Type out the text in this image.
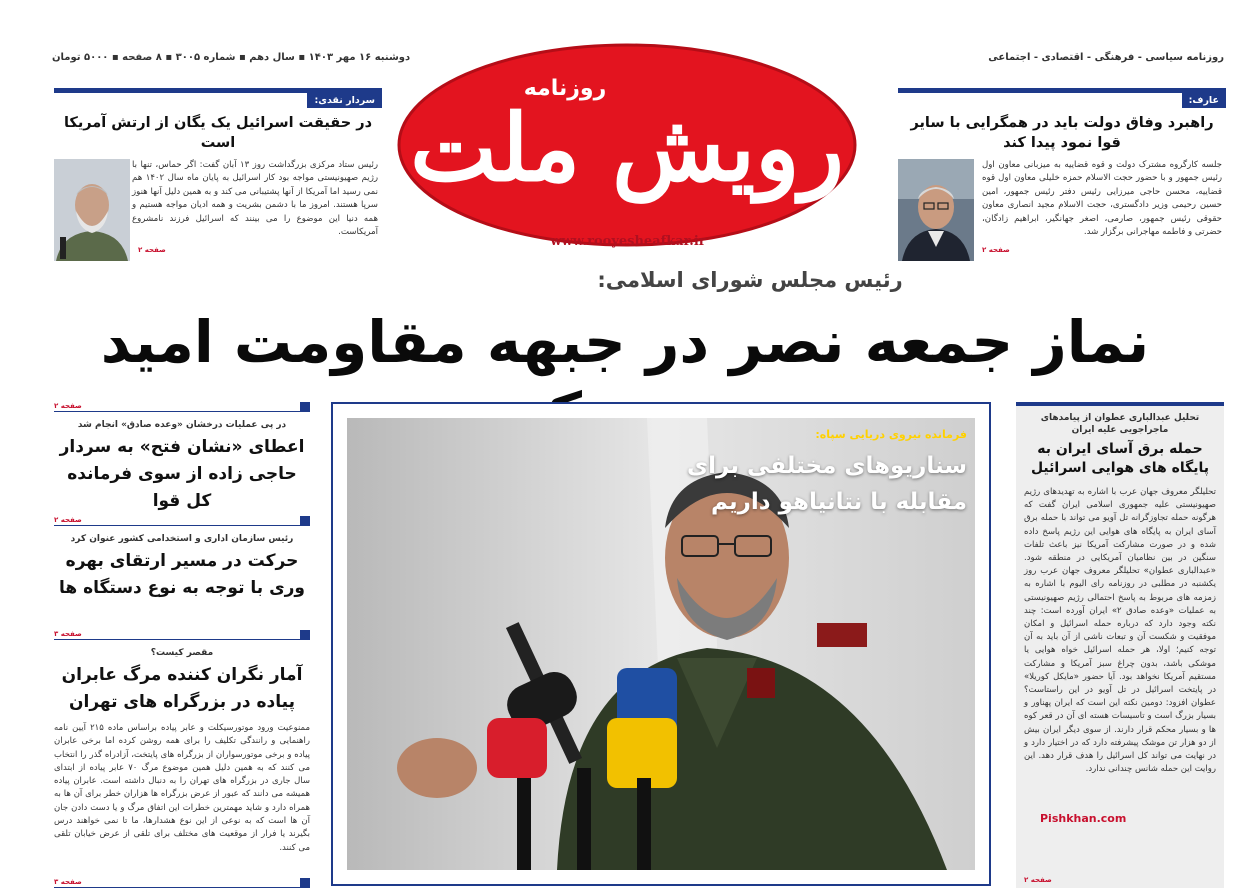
روزنامه سیاسی - فرهنگی - اقتصادی - اجتماعی
دوشنبه ۱۶ مهر ۱۴۰۳ ▪ سال دهم ▪ شماره ۳۰۰۵ ▪ ۸ صفحه ▪ ۵۰۰۰ تومان
رویش ملت
روزنامه
www.rooyesheafkar.ir
عارف:
راهبرد وفاق دولت باید در همگرایی با سایر قوا نمود پیدا کند
جلسه کارگروه مشترک دولت و قوه قضاییه به میزبانی معاون اول رئیس جمهور و با حضور حجت الاسلام حمزه خلیلی معاون اول قوه قضاییه، محسن حاجی میرزایی رئیس دفتر رئیس جمهور، امین حسین رحیمی وزیر دادگستری، حجت الاسلام مجید انصاری معاون حقوقی رئیس جمهور، صارمی، اصغر جهانگیر، ابراهیم زادگان، حضرتی و فاطمه مهاجرانی برگزار شد.
صفحه ۲
سردار نقدی:
در حقیقت اسرائیل یک یگان از ارتش آمریکا است
رئیس ستاد مرکزی بزرگداشت روز ۱۳ آبان گفت: اگر حماس، تنها با رژیم صهیونیستی مواجه بود کار اسرائیل به پایان ماه سال ۱۴۰۲ هم نمی رسید اما آمریکا از آنها پشتیبانی می کند و به همین دلیل آنها هنوز سرپا هستند. امروز ما با دشمن بشریت و همه ادیان مواجه هستیم و همه دنیا این موضوع را می بینند که اسرائیل فرزند نامشروع آمریکاست.
صفحه ۲
رئیس مجلس شورای اسلامی:
نماز جمعه نصر در جبهه مقاومت امید
تحلیل عبدالباری عطوان از پیامدهای ماجراجویی علیه ایران
حمله برق آسای ایران به پایگاه های هوایی اسرائیل
تحلیلگر معروف جهان عرب با اشاره به تهدیدهای رژیم صهیونیستی علیه جمهوری اسلامی ایران گفت که هرگونه حمله تجاوزگرانه تل آویو می تواند با حمله برق آسای ایران به پایگاه های هوایی این رژیم پاسخ داده شده و در صورت مشارکت آمریکا نیز باعث تلفات سنگین در بین نظامیان آمریکایی در منطقه شود. «عبدالباری عطوان» تحلیلگر معروف جهان عرب روز یکشنبه در مطلبی در روزنامه رای الیوم با اشاره به زمزمه های مربوط به پاسخ احتمالی رژیم صهیونیستی به عملیات «وعده صادق ۲» ایران آورده است: چند نکته وجود دارد که درباره حمله اسرائیل و امکان موفقیت و شکست آن و تبعات ناشی از آن باید به آن توجه کنیم؛ اولا، هر حمله اسرائیل خواه هوایی یا موشکی باشد، بدون چراغ سبز آمریکا و مشارکت مستقیم آمریکا نخواهد بود. آیا حضور «مایکل کوریلا» در پایتخت اسرائیل در تل آویو در این راستاست؟ عطوان افزود: دومین نکته این است که ایران پهناور و بسیار بزرگ است و تاسیسات هسته ای آن در قعر کوه ها و بسیار محکم قرار دارند. از سوی دیگر ایران بیش از دو هزار تن موشک پیشرفته دارد که در اختیار دارد و در نهایت می تواند کل اسرائیل را هدف قرار دهد. این روایت این حمله شانس چندانی ندارد.
صفحه ۲
فرمانده نیروی دریایی سپاه:
سناریوهای مختلفی برای مقابله با نتانیاهو داریم
صفحه ۲
در پی عملیات درخشان «وعده صادق» انجام شد
اعطای «نشان فتح» به سردار حاجی زاده از سوی فرمانده کل قوا
صفحه ۲
رئیس سازمان اداری و استخدامی کشور عنوان کرد
حرکت در مسیر ارتقای بهره وری با توجه به نوع دستگاه ها
صفحه ۳
مقصر کیست؟
آمار نگران کننده مرگ عابران پیاده در بزرگراه های تهران
ممنوعیت ورود موتورسیکلت و عابر پیاده براساس ماده ۲۱۵ آیین نامه راهنمایی و رانندگی تکلیف را برای همه روشن کرده اما برخی عابران پیاده و برخی موتورسواران از بزرگراه های پایتخت، آزادراه گذر را انتخاب می کنند که به همین دلیل همین موضوع مرگ ۷۰ عابر پیاده از ابتدای سال جاری در بزرگراه های تهران را به دنبال داشته است. عابران پیاده همیشه می دانند که عبور از عرض بزرگراه ها هزاران خطر برای آن ها به همراه دارد و شاید مهمترین خطرات این اتفاق مرگ و یا دست دادن جان آن ها است که به نوعی از این نوع هشدارها، ما تا نمی خواهند درس بگیرند یا فرار از موقعیت های مختلف برای تلقی از عرض خیابان تلقی می کنند.
صفحه ۳
Pishkhan.com
